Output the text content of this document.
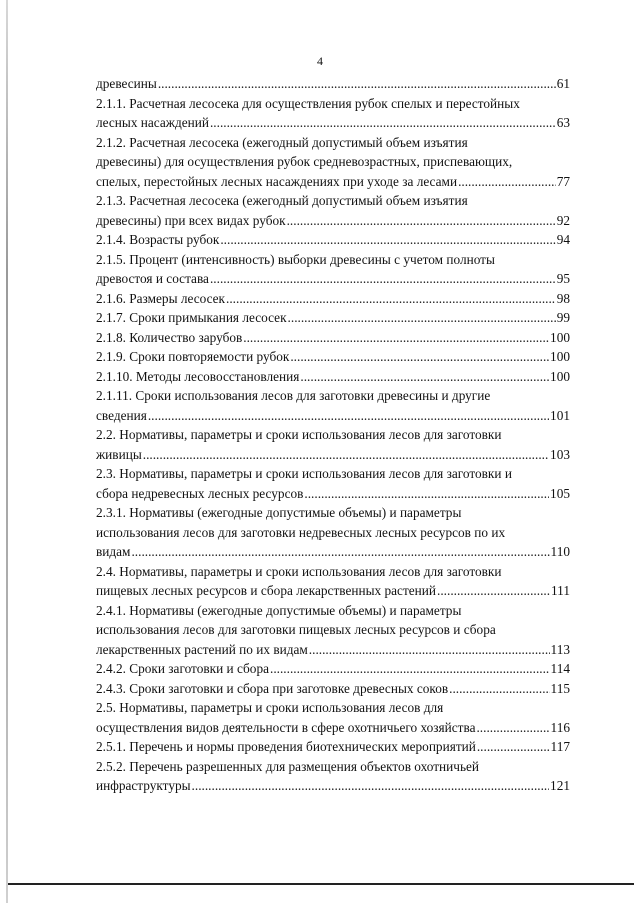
4
древесины .....	61
2.1.1. Расчетная лесосека для осуществления рубок спелых и перестойных
лесных насаждений .....	63
2.1.2. Расчетная лесосека (ежегодный допустимый объем изъятия
древесины) для осуществления рубок средневозрастных, приспевающих,
спелых, перестойных лесных насаждениях при уходе за лесами .....	77
2.1.3. Расчетная лесосека (ежегодный допустимый объем изъятия
древесины) при всех видах рубок .....	92
2.1.4. Возрасты рубок .....	94
2.1.5. Процент (интенсивность) выборки древесины с учетом полноты
древостоя и состава .....	95
2.1.6. Размеры лесосек .....	98
2.1.7. Сроки примыкания лесосек .....	99
2.1.8. Количество зарубов .....	100
2.1.9. Сроки повторяемости рубок .....	100
2.1.10. Методы лесовосстановления .....	100
2.1.11. Сроки использования лесов для заготовки древесины и другие
сведения .....	101
2.2. Нормативы, параметры и сроки использования лесов для заготовки
живицы .....	103
2.3. Нормативы, параметры и сроки использования лесов для заготовки и
сбора недревесных лесных ресурсов .....	105
2.3.1. Нормативы (ежегодные допустимые объемы) и параметры
использования лесов для заготовки недревесных лесных ресурсов по их
видам .....	110
2.4. Нормативы, параметры и сроки использования лесов для заготовки
пищевых лесных ресурсов и сбора лекарственных растений .....	111
2.4.1. Нормативы (ежегодные допустимые объемы) и параметры
использования лесов для заготовки пищевых лесных ресурсов и сбора
лекарственных растений по их видам .....	113
2.4.2. Сроки заготовки и сбора .....	114
2.4.3. Сроки заготовки и сбора при заготовке древесных соков .....	115
2.5. Нормативы, параметры и сроки использования лесов для
осуществления видов деятельности в сфере охотничьего хозяйства .....	116
2.5.1. Перечень и нормы проведения биотехнических мероприятий .....	117
2.5.2. Перечень разрешенных для размещения объектов охотничьей
инфраструктуры .....	121
